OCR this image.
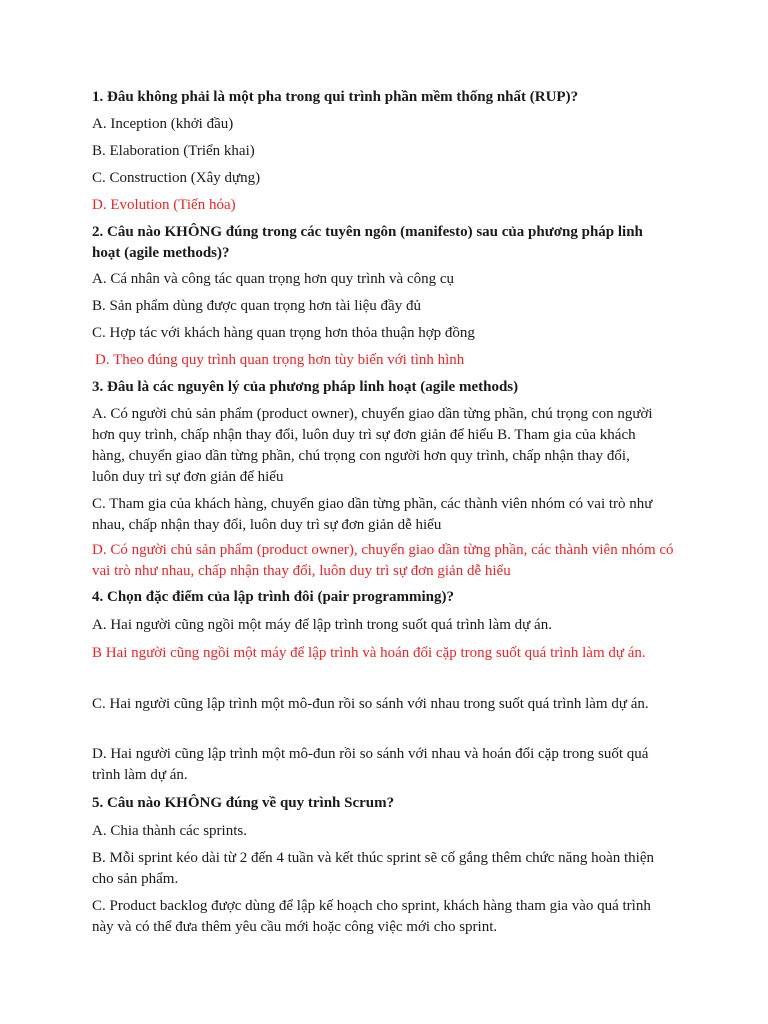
1. Đâu không phải là một pha trong qui trình phần mềm thống nhất (RUP)?

A. Inception (khởi đầu)

B. Elaboration (Triển khai)

C. Construction (Xây dựng)

D. Evolution (Tiến hóa)

2. Câu nào KHÔNG đúng trong các tuyên ngôn (manifesto) sau của phương pháp linh hoạt (agile methods)?

A. Cá nhân và công tác quan trọng hơn quy trình và công cụ

B. Sản phẩm dùng được quan trọng hơn tài liệu đầy đủ

C. Hợp tác với khách hàng quan trọng hơn thỏa thuận hợp đồng

D. Theo đúng quy trình quan trọng hơn tùy biến với tình hình

3. Đâu là các nguyên lý của phương pháp linh hoạt (agile methods)

A. Có người chủ sản phẩm (product owner), chuyển giao dần từng phần, chú trọng con người hơn quy trình, chấp nhận thay đổi, luôn duy trì sự đơn giản để hiểu B. Tham gia của khách hàng, chuyển giao dần từng phần, chú trọng con người hơn quy trình, chấp nhận thay đổi, luôn duy trì sự đơn giản để hiểu

C. Tham gia của khách hàng, chuyển giao dần từng phần, các thành viên nhóm có vai trò như nhau, chấp nhận thay đổi, luôn duy trì sự đơn giản dễ hiểu

D. Có người chủ sản phẩm (product owner), chuyển giao dần từng phần, các thành viên nhóm có vai trò như nhau, chấp nhận thay đổi, luôn duy trì sự đơn giản dễ hiểu

4. Chọn đặc điểm của lập trình đôi (pair programming)?

A. Hai người cũng ngồi một máy để lập trình trong suốt quá trình làm dự án.

B Hai người cũng ngồi một máy để lập trình và hoán đổi cặp trong suốt quá trình làm dự án.

C. Hai người cũng lập trình một mô-đun rồi so sánh với nhau trong suốt quá trình làm dự án.

D. Hai người cũng lập trình một mô-đun rồi so sánh với nhau và hoán đổi cặp trong suốt quá trình làm dự án.

5. Câu nào KHÔNG đúng về quy trình Scrum?

A. Chia thành các sprints.

B. Mỗi sprint kéo dài từ 2 đến 4 tuần và kết thúc sprint sẽ cố gắng thêm chức năng hoàn thiện cho sản phẩm.

C. Product backlog được dùng để lập kế hoạch cho sprint, khách hàng tham gia vào quá trình này và có thể đưa thêm yêu cầu mới hoặc công việc mới cho sprint.
